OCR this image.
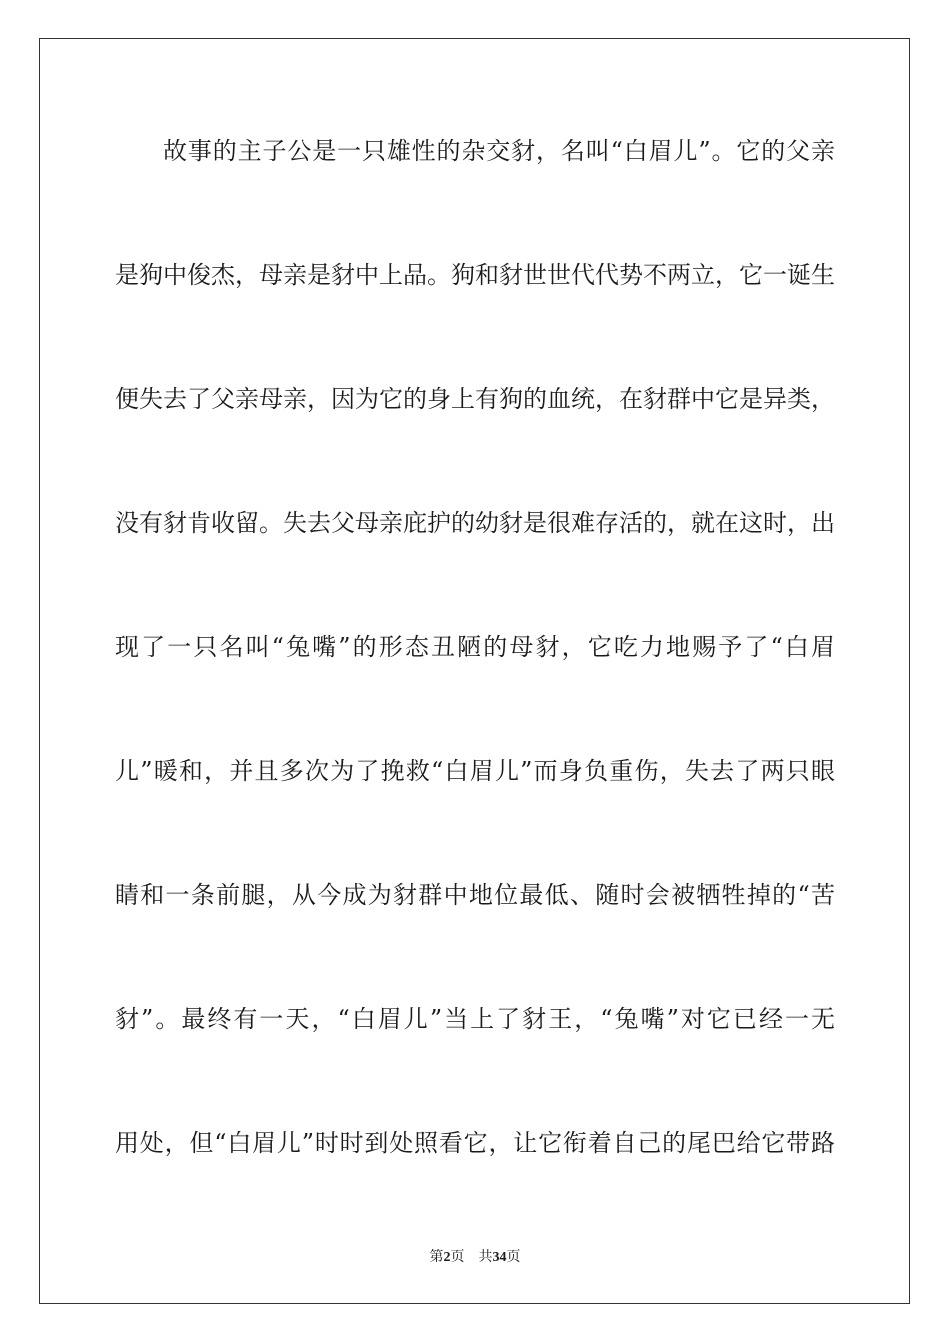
故事的主子公是一只雄性的杂交豺，名叫“白眉儿”。它的父亲
是狗中俊杰，母亲是豺中上品。狗和豺世世代代势不两立，它一诞生
便失去了父亲母亲，因为它的身上有狗的血统，在豺群中它是异类，
没有豺肯收留。失去父母亲庇护的幼豺是很难存活的，就在这时，出
现了一只名叫“兔嘴”的形态丑陋的母豺，它吃力地赐予了“白眉
儿”暖和，并且多次为了挽救“白眉儿”而身负重伤，失去了两只眼
睛和一条前腿，从今成为豺群中地位最低、随时会被牺牲掉的“苦
豺”。最终有一天，“白眉儿”当上了豺王，“兔嘴”对它已经一无
用处，但“白眉儿”时时到处照看它，让它衔着自己的尾巴给它带路
第2页 共34页
